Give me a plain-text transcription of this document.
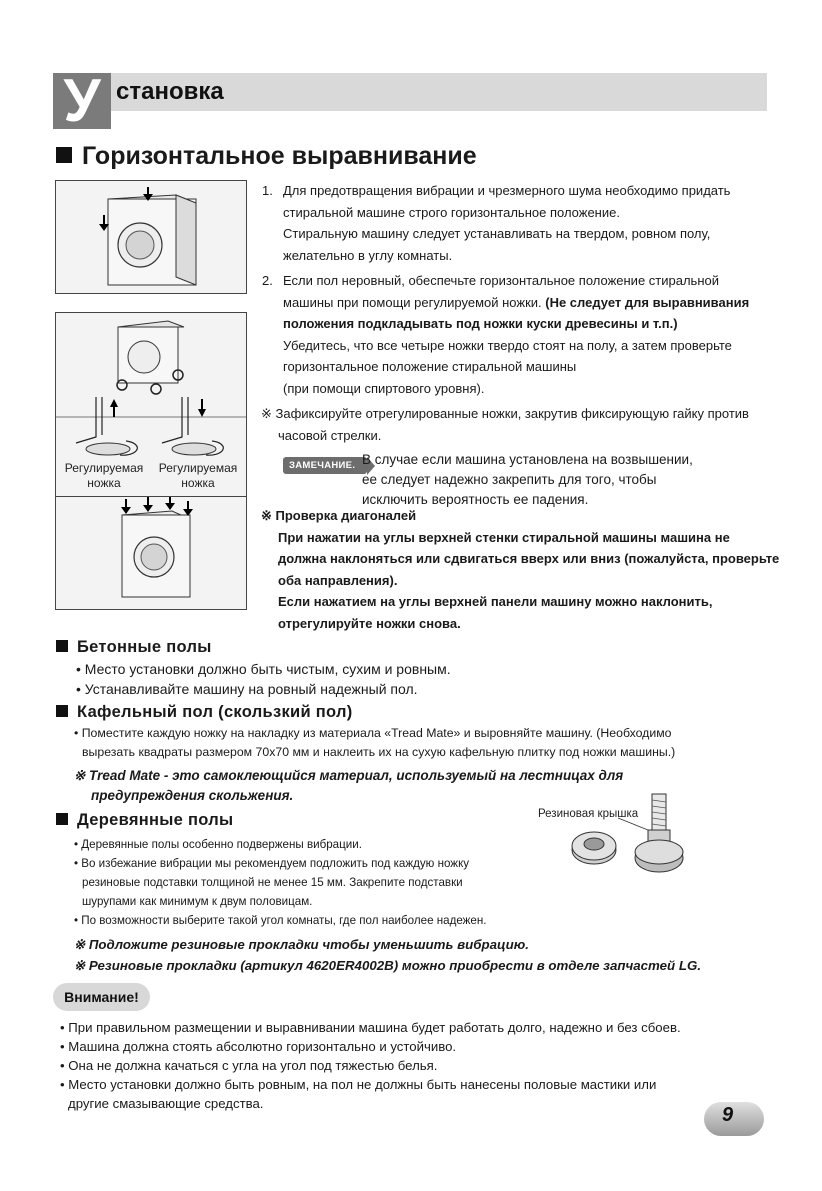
У становка
Горизонтальное выравнивание
Регулируемая
ножка
Регулируемая
ножка
1. Для предотвращения вибрации и чрезмерного шума необходимо придать
стиральной машине строго горизонтальное положение.
Стиральную машину следует устанавливать на твердом, ровном полу,
желательно в углу комнаты.
2. Если пол неровный, обеспечьте горизонтальное положение стиральной
машины при помощи регулируемой ножки. (Не следует для выравнивания
положения подкладывать под ножки куски древесины и т.п.)
Убедитесь, что все четыре ножки твердо стоят на полу, а затем проверьте
горизонтальное положение стиральной машины
(при помощи спиртового уровня).
※ Зафиксируйте отрегулированные ножки, закрутив фиксирующую гайку против
часовой стрелки.
ЗАМЕЧАНИЕ. В случае если машина установлена на возвышении,
ее следует надежно закрепить для того, чтобы
исключить вероятность ее падения.
※ Проверка диагоналей
При нажатии на углы верхней стенки стиральной машины машина не
должна наклоняться или сдвигаться вверх или вниз (пожалуйста, проверьте
оба направления).
Если нажатием на углы верхней панели машину можно наклонить,
отрегулируйте ножки снова.
Бетонные полы
• Место установки должно быть чистым, сухим и ровным.
• Устанавливайте машину на ровный надежный пол.
Кафельный пол (скользкий пол)
• Поместите каждую ножку на накладку из материала «Tread Mate» и выровняйте машину. (Необходимо
вырезать квадраты размером 70x70 мм и наклеить их на сухую кафельную плитку под ножки машины.)
※ Tread Mate - это самоклеющийся материал, используемый на лестницах для
предупреждения скольжения.
Деревянные полы
• Деревянные полы особенно подвержены вибрации.
• Во избежание вибрации мы рекомендуем подложить под каждую ножку
резиновые подставки толщиной не менее 15 мм. Закрепите подставки
шурупами как минимум к двум половицам.
• По возможности выберите такой угол комнаты, где пол наиболее надежен.
Резиновая крышка
※ Подложите резиновые прокладки чтобы уменьшить вибрацию.
※ Резиновые прокладки (артикул 4620ER4002B) можно приобрести в отделе запчастей LG.
Внимание!
• При правильном размещении и выравнивании машина будет работать долго, надежно и без сбоев.
• Машина должна стоять абсолютно горизонтально и устойчиво.
• Она не должна качаться с угла на угол под тяжестью белья.
• Место установки должно быть ровным, на пол не должны быть нанесены половые мастики или
другие смазывающие средства.
9
